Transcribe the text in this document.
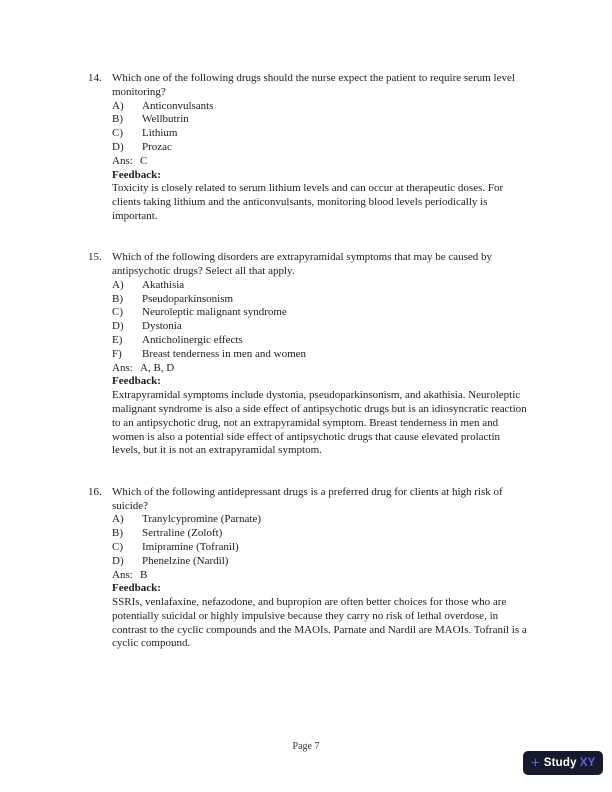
14. Which one of the following drugs should the nurse expect the patient to require serum level monitoring?
A)	Anticonvulsants
B)	Wellbutrin
C)	Lithium
D)	Prozac
Ans: C
Feedback:
Toxicity is closely related to serum lithium levels and can occur at therapeutic doses. For clients taking lithium and the anticonvulsants, monitoring blood levels periodically is important.
15. Which of the following disorders are extrapyramidal symptoms that may be caused by antipsychotic drugs? Select all that apply.
A)	Akathisia
B)	Pseudoparkinsonism
C)	Neuroleptic malignant syndrome
D)	Dystonia
E)	Anticholinergic effects
F)	Breast tenderness in men and women
Ans: A, B, D
Feedback:
Extrapyramidal symptoms include dystonia, pseudoparkinsonism, and akathisia. Neuroleptic malignant syndrome is also a side effect of antipsychotic drugs but is an idiosyncratic reaction to an antipsychotic drug, not an extrapyramidal symptom. Breast tenderness in men and women is also a potential side effect of antipsychotic drugs that cause elevated prolactin levels, but it is not an extrapyramidal symptom.
16. Which of the following antidepressant drugs is a preferred drug for clients at high risk of suicide?
A)	Tranylcypromine (Parnate)
B)	Sertraline (Zoloft)
C)	Imipramine (Tofranil)
D)	Phenelzine (Nardil)
Ans: B
Feedback:
SSRIs, venlafaxine, nefazodone, and bupropion are often better choices for those who are potentially suicidal or highly impulsive because they carry no risk of lethal overdose, in contrast to the cyclic compounds and the MAOIs. Parnate and Nardil are MAOIs. Tofranil is a cyclic compound.
Page 7
+ Study XY
